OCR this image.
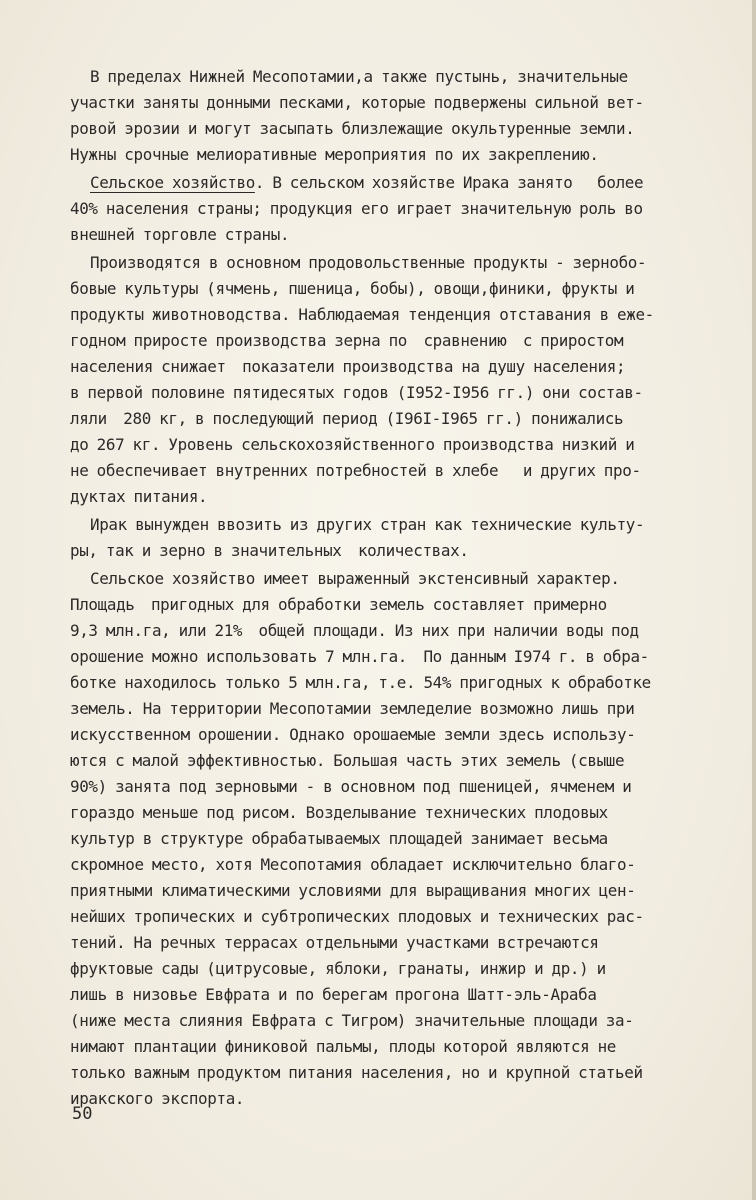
В пределах Нижней Месопотамии,а также пустынь, значительные
участки заняты донными песками, которые подвержены сильной вет-
ровой эрозии и могут засыпать близлежащие окультуренные земли.
Нужны срочные мелиоративные мероприятия по их закреплению.
Сельское хозяйство. В сельском хозяйстве Ирака занято   более
40% населения страны; продукция его играет значительную роль во
внешней торговле страны.
Производятся в основном продовольственные продукты - зернобо-
бовые культуры (ячмень, пшеница, бобы), овощи,финики, фрукты и
продукты животноводства. Наблюдаемая тенденция отставания в еже-
годном приросте производства зерна по  сравнению  с приростом
населения снижает  показатели производства на душу населения;
в первой половине пятидесятых годов (I952-I956 гг.) они состав-
ляли  280 кг, в последующий период (I96I-I965 гг.) понижались
до 267 кг. Уровень сельскохозяйственного производства низкий и
не обеспечивает внутренних потребностей в хлебе   и других про-
дуктах питания.
Ирак вынужден ввозить из других стран как технические культу-
ры, так и зерно в значительных  количествах.
Сельское хозяйство имеет выраженный экстенсивный характер.
Площадь  пригодных для обработки земель составляет примерно
9,3 млн.га, или 21%  общей площади. Из них при наличии воды под
орошение можно использовать 7 млн.га.  По данным I974 г. в обра-
ботке находилось только 5 млн.га, т.е. 54% пригодных к обработке
земель. На территории Месопотамии земледелие возможно лишь при
искусственном орошении. Однако орошаемые земли здесь использу-
ются с малой эффективностью. Большая часть этих земель (свыше
90%) занята под зерновыми - в основном под пшеницей, ячменем и
гораздо меньше под рисом. Возделывание технических плодовых
культур в структуре обрабатываемых площадей занимает весьма
скромное место, хотя Месопотамия обладает исключительно благо-
приятными климатическими условиями для выращивания многих цен-
нейших тропических и субтропических плодовых и технических рас-
тений. На речных террасах отдельными участками встречаются
фруктовые сады (цитрусовые, яблоки, гранаты, инжир и др.) и
лишь в низовье Евфрата и по берегам прогона Шатт-эль-Араба
(ниже места слияния Евфрата с Тигром) значительные площади за-
нимают плантации финиковой пальмы, плоды которой являются не
только важным продуктом питания населения, но и крупной статьей
иракского экспорта.
50
